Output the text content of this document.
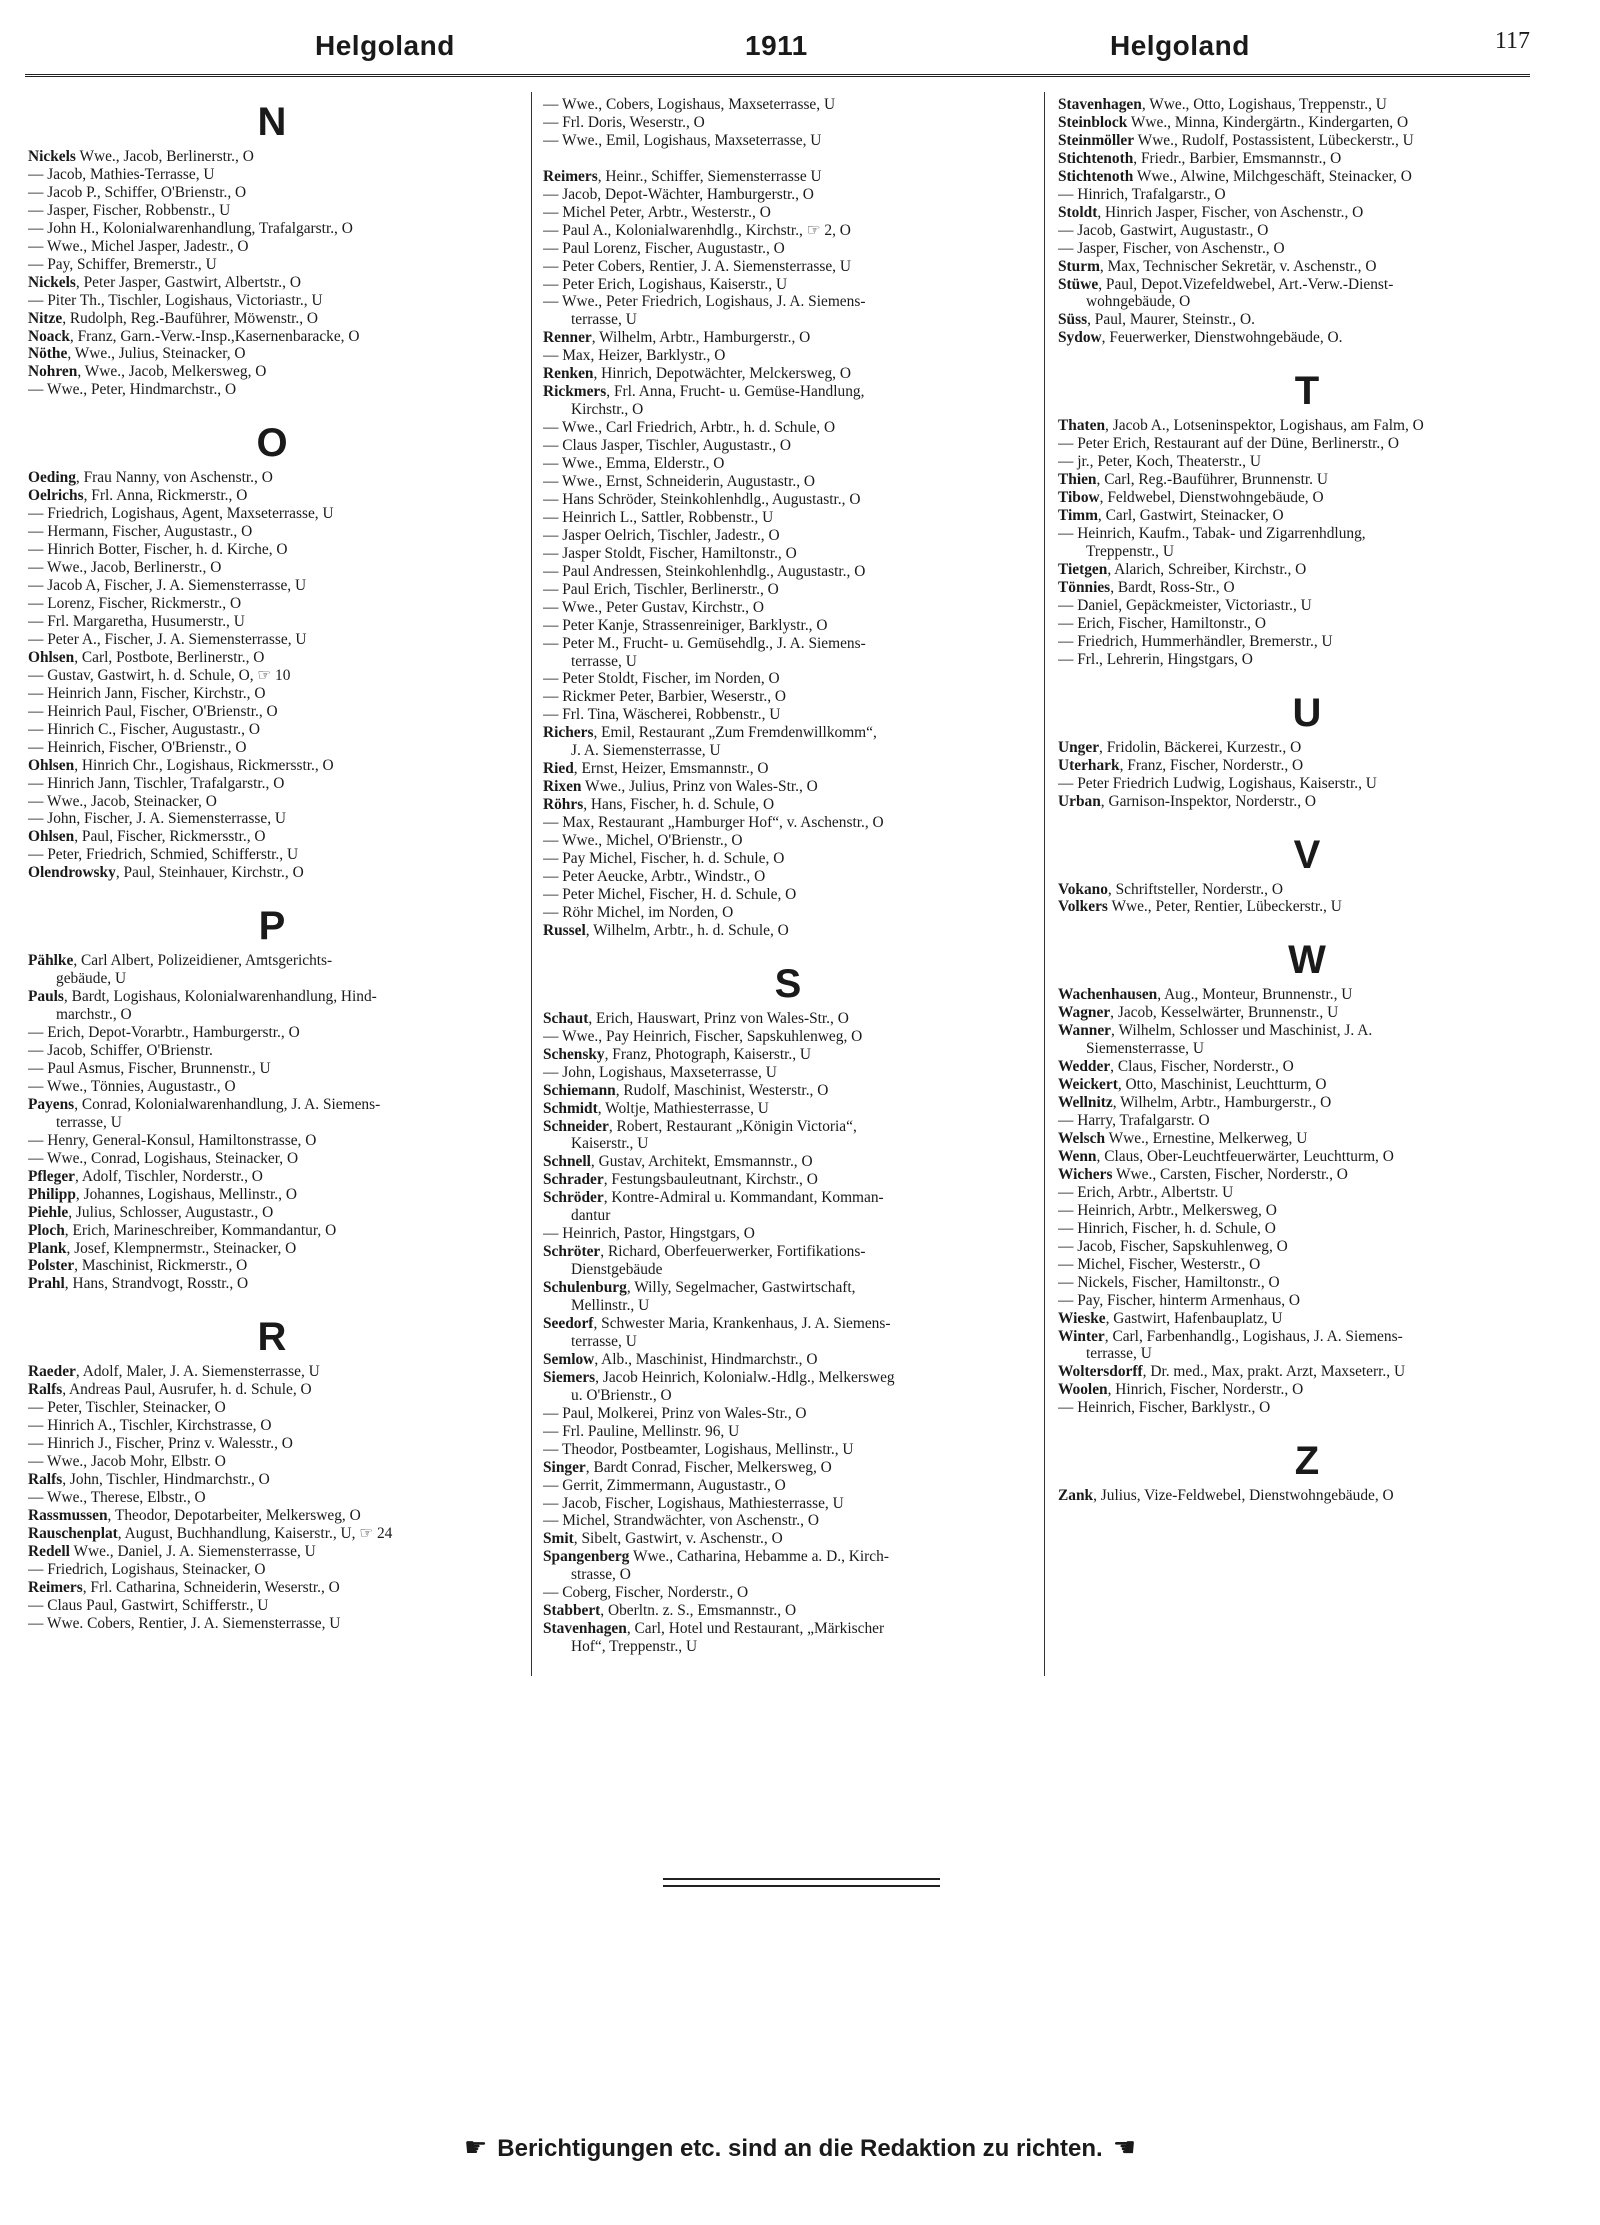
Helgoland	1911	Helgoland	117
N
Nickels Wwe., Jacob, Berlinerstr., O
— Jacob, Mathies-Terrasse, U
— Jacob P., Schiffer, O'Brienstr., O
— Jasper, Fischer, Robbenstr., U
— John H., Kolonialwarenhandlung, Trafalgarstr., O
— Wwe., Michel Jasper, Jadestr., O
— Pay, Schiffer, Bremerstr., U
Nickels, Peter Jasper, Gastwirt, Albertstr., O
— Piter Th., Tischler, Logishaus, Victoriastr., U
Nitze, Rudolph, Reg.-Bauführer, Möwenstr., O
Noack, Franz, Garn.-Verw.-Insp.,Kasernenbaracke, O
Nöthe, Wwe., Julius, Steinacker, O
Nohren, Wwe., Jacob, Melkersweg, O
— Wwe., Peter, Hindmarchstr., O
O
Oeding, Frau Nanny, von Aschenstr., O
Oelrichs, Frl. Anna, Rickmerstr., O
— Friedrich, Logishaus, Agent, Maxseterrasse, U
— Hermann, Fischer, Augustastr., O
— Hinrich Botter, Fischer, h. d. Kirche, O
— Wwe., Jacob, Berlinerstr., O
— Jacob A, Fischer, J. A. Siemensterrasse, U
— Lorenz, Fischer, Rickmerstr., O
— Frl. Margaretha, Husumerstr., U
— Peter A., Fischer, J. A. Siemensterrasse, U
Ohlsen, Carl, Postbote, Berlinerstr., O
— Gustav, Gastwirt, h. d. Schule, O, ☞ 10
— Heinrich Jann, Fischer, Kirchstr., O
— Heinrich Paul, Fischer, O'Brienstr., O
— Hinrich C., Fischer, Augustastr., O
— Heinrich, Fischer, O'Brienstr., O
Ohlsen, Hinrich Chr., Logishaus, Rickmersstr., O
— Hinrich Jann, Tischler, Trafalgarstr., O
— Wwe., Jacob, Steinacker, O
— John, Fischer, J. A. Siemensterrasse, U
Ohlsen, Paul, Fischer, Rickmersstr., O
— Peter, Friedrich, Schmied, Schifferstr., U
Olendrowsky, Paul, Steinhauer, Kirchstr., O
P
Pählke, Carl Albert, Polizeidiener, Amtsgerichts-
gebäude, U
Pauls, Bardt, Logishaus, Kolonialwarenhandlung, Hind-
marchstr., O
— Erich, Depot-Vorarbtr., Hamburgerstr., O
— Jacob, Schiffer, O'Brienstr.
— Paul Asmus, Fischer, Brunnenstr., U
— Wwe., Tönnies, Augustastr., O
Payens, Conrad, Kolonialwarenhandlung, J. A. Siemens-
terrasse, U
— Henry, General-Konsul, Hamiltonstrasse, O
— Wwe., Conrad, Logishaus, Steinacker, O
Pfleger, Adolf, Tischler, Norderstr., O
Philipp, Johannes, Logishaus, Mellinstr., O
Piehle, Julius, Schlosser, Augustastr., O
Ploch, Erich, Marineschreiber, Kommandantur, O
Plank, Josef, Klempnermstr., Steinacker, O
Polster, Maschinist, Rickmerstr., O
Prahl, Hans, Strandvogt, Rosstr., O
R
Raeder, Adolf, Maler, J. A. Siemensterrasse, U
Ralfs, Andreas Paul, Ausrufer, h. d. Schule, O
— Peter, Tischler, Steinacker, O
— Hinrich A., Tischler, Kirchstrasse, O
— Hinrich J., Fischer, Prinz v. Walesstr., O
— Wwe., Jacob Mohr, Elbstr. O
Ralfs, John, Tischler, Hindmarchstr., O
— Wwe., Therese, Elbstr., O
Rassmussen, Theodor, Depotarbeiter, Melkersweg, O
Rauschenplat, August, Buchhandlung, Kaiserstr., U, ☞ 24
Redell Wwe., Daniel, J. A. Siemensterrasse, U
— Friedrich, Logishaus, Steinacker, O
Reimers, Frl. Catharina, Schneiderin, Weserstr., O
— Claus Paul, Gastwirt, Schifferstr., U
— Wwe. Cobers, Rentier, J. A. Siemensterrasse, U
— Wwe., Cobers, Logishaus, Maxseterrasse, U
— Frl. Doris, Weserstr., O
— Wwe., Emil, Logishaus, Maxseterrasse, U
Reimers, Heinr., Schiffer, Siemensterrasse U
— Jacob, Depot-Wächter, Hamburgerstr., O
— Michel Peter, Arbtr., Westerstr., O
— Paul A., Kolonialwarenhdlg., Kirchstr., ☞ 2, O
— Paul Lorenz, Fischer, Augustastr., O
— Peter Cobers, Rentier, J. A. Siemensterrasse, U
— Peter Erich, Logishaus, Kaiserstr., U
— Wwe., Peter Friedrich, Logishaus, J. A. Siemens-
terrasse, U
Renner, Wilhelm, Arbtr., Hamburgerstr., O
— Max, Heizer, Barklystr., O
Renken, Hinrich, Depotwächter, Melckersweg, O
Rickmers, Frl. Anna, Frucht- u. Gemüse-Handlung,
Kirchstr., O
— Wwe., Carl Friedrich, Arbtr., h. d. Schule, O
— Claus Jasper, Tischler, Augustastr., O
— Wwe., Emma, Elderstr., O
— Wwe., Ernst, Schneiderin, Augustastr., O
— Hans Schröder, Steinkohlenhdlg., Augustastr., O
— Heinrich L., Sattler, Robbenstr., U
— Jasper Oelrich, Tischler, Jadestr., O
— Jasper Stoldt, Fischer, Hamiltonstr., O
— Paul Andressen, Steinkohlenhdlg., Augustastr., O
— Paul Erich, Tischler, Berlinerstr., O
— Wwe., Peter Gustav, Kirchstr., O
— Peter Kanje, Strassenreiniger, Barklystr., O
— Peter M., Frucht- u. Gemüsehdlg., J. A. Siemens-
terrasse, U
— Peter Stoldt, Fischer, im Norden, O
— Rickmer Peter, Barbier, Weserstr., O
— Frl. Tina, Wäscherei, Robbenstr., U
Richers, Emil, Restaurant „Zum Fremdenwillkomm“,
J. A. Siemensterrasse, U
Ried, Ernst, Heizer, Emsmannstr., O
Rixen Wwe., Julius, Prinz von Wales-Str., O
Röhrs, Hans, Fischer, h. d. Schule, O
— Max, Restaurant „Hamburger Hof“, v. Aschenstr., O
— Wwe., Michel, O'Brienstr., O
— Pay Michel, Fischer, h. d. Schule, O
— Peter Aeucke, Arbtr., Windstr., O
— Peter Michel, Fischer, H. d. Schule, O
— Röhr Michel, im Norden, O
Russel, Wilhelm, Arbtr., h. d. Schule, O
S
Schaut, Erich, Hauswart, Prinz von Wales-Str., O
— Wwe., Pay Heinrich, Fischer, Sapskuhlenweg, O
Schensky, Franz, Photograph, Kaiserstr., U
— John, Logishaus, Maxseterrasse, U
Schiemann, Rudolf, Maschinist, Westerstr., O
Schmidt, Woltje, Mathiesterrasse, U
Schneider, Robert, Restaurant „Königin Victoria“,
Kaiserstr., U
Schnell, Gustav, Architekt, Emsmannstr., O
Schrader, Festungsbauleutnant, Kirchstr., O
Schröder, Kontre-Admiral u. Kommandant, Komman-
dantur
— Heinrich, Pastor, Hingstgars, O
Schröter, Richard, Oberfeuerwerker, Fortifikations-
Dienstgebäude
Schulenburg, Willy, Segelmacher, Gastwirtschaft,
Mellinstr., U
Seedorf, Schwester Maria, Krankenhaus, J. A. Siemens-
terrasse, U
Semlow, Alb., Maschinist, Hindmarchstr., O
Siemers, Jacob Heinrich, Kolonialw.-Hdlg., Melkersweg
u. O'Brienstr., O
— Paul, Molkerei, Prinz von Wales-Str., O
— Frl. Pauline, Mellinstr. 96, U
— Theodor, Postbeamter, Logishaus, Mellinstr., U
Singer, Bardt Conrad, Fischer, Melkersweg, O
— Gerrit, Zimmermann, Augustastr., O
— Jacob, Fischer, Logishaus, Mathiesterrasse, U
— Michel, Strandwächter, von Aschenstr., O
Smit, Sibelt, Gastwirt, v. Aschenstr., O
Spangenberg Wwe., Catharina, Hebamme a. D., Kirch-
strasse, O
— Coberg, Fischer, Norderstr., O
Stabbert, Oberltn. z. S., Emsmannstr., O
Stavenhagen, Carl, Hotel und Restaurant, „Märkischer
Hof“, Treppenstr., U
Stavenhagen, Wwe., Otto, Logishaus, Treppenstr., U
Steinblock Wwe., Minna, Kindergärtn., Kindergarten, O
Steinmöller Wwe., Rudolf, Postassistent, Lübeckerstr., U
Stichtenoth, Friedr., Barbier, Emsmannstr., O
Stichtenoth Wwe., Alwine, Milchgeschäft, Steinacker, O
— Hinrich, Trafalgarstr., O
Stoldt, Hinrich Jasper, Fischer, von Aschenstr., O
— Jacob, Gastwirt, Augustastr., O
— Jasper, Fischer, von Aschenstr., O
Sturm, Max, Technischer Sekretär, v. Aschenstr., O
Stüwe, Paul, Depot.Vizefeldwebel, Art.-Verw.-Dienst-
wohngebäude, O
Süss, Paul, Maurer, Steinstr., O.
Sydow, Feuerwerker, Dienstwohngebäude, O.
T
Thaten, Jacob A., Lotseninspektor, Logishaus, am Falm, O
— Peter Erich, Restaurant auf der Düne, Berlinerstr., O
— jr., Peter, Koch, Theaterstr., U
Thien, Carl, Reg.-Bauführer, Brunnenstr. U
Tibow, Feldwebel, Dienstwohngebäude, O
Timm, Carl, Gastwirt, Steinacker, O
— Heinrich, Kaufm., Tabak- und Zigarrenhdlung,
Treppenstr., U
Tietgen, Alarich, Schreiber, Kirchstr., O
Tönnies, Bardt, Ross-Str., O
— Daniel, Gepäckmeister, Victoriastr., U
— Erich, Fischer, Hamiltonstr., O
— Friedrich, Hummerhändler, Bremerstr., U
— Frl., Lehrerin, Hingstgars, O
U
Unger, Fridolin, Bäckerei, Kurzestr., O
Uterhark, Franz, Fischer, Norderstr., O
— Peter Friedrich Ludwig, Logishaus, Kaiserstr., U
Urban, Garnison-Inspektor, Norderstr., O
V
Vokano, Schriftsteller, Norderstr., O
Volkers Wwe., Peter, Rentier, Lübeckerstr., U
W
Wachenhausen, Aug., Monteur, Brunnenstr., U
Wagner, Jacob, Kesselwärter, Brunnenstr., U
Wanner, Wilhelm, Schlosser und Maschinist, J. A.
Siemensterrasse, U
Wedder, Claus, Fischer, Norderstr., O
Weickert, Otto, Maschinist, Leuchtturm, O
Wellnitz, Wilhelm, Arbtr., Hamburgerstr., O
— Harry, Trafalgarstr. O
Welsch Wwe., Ernestine, Melkerweg, U
Wenn, Claus, Ober-Leuchtfeuerwärter, Leuchtturm, O
Wichers Wwe., Carsten, Fischer, Norderstr., O
— Erich, Arbtr., Albertstr. U
— Heinrich, Arbtr., Melkersweg, O
— Hinrich, Fischer, h. d. Schule, O
— Jacob, Fischer, Sapskuhlenweg, O
— Michel, Fischer, Westerstr., O
— Nickels, Fischer, Hamiltonstr., O
— Pay, Fischer, hinterm Armenhaus, O
Wieske, Gastwirt, Hafenbauplatz, U
Winter, Carl, Farbenhandlg., Logishaus, J. A. Siemens-
terrasse, U
Woltersdorff, Dr. med., Max, prakt. Arzt, Maxseterr., U
Woolen, Hinrich, Fischer, Norderstr., O
— Heinrich, Fischer, Barklystr., O
Z
Zank, Julius, Vize-Feldwebel, Dienstwohngebäude, O
☛ Berichtigungen etc. sind an die Redaktion zu richten. ☚
